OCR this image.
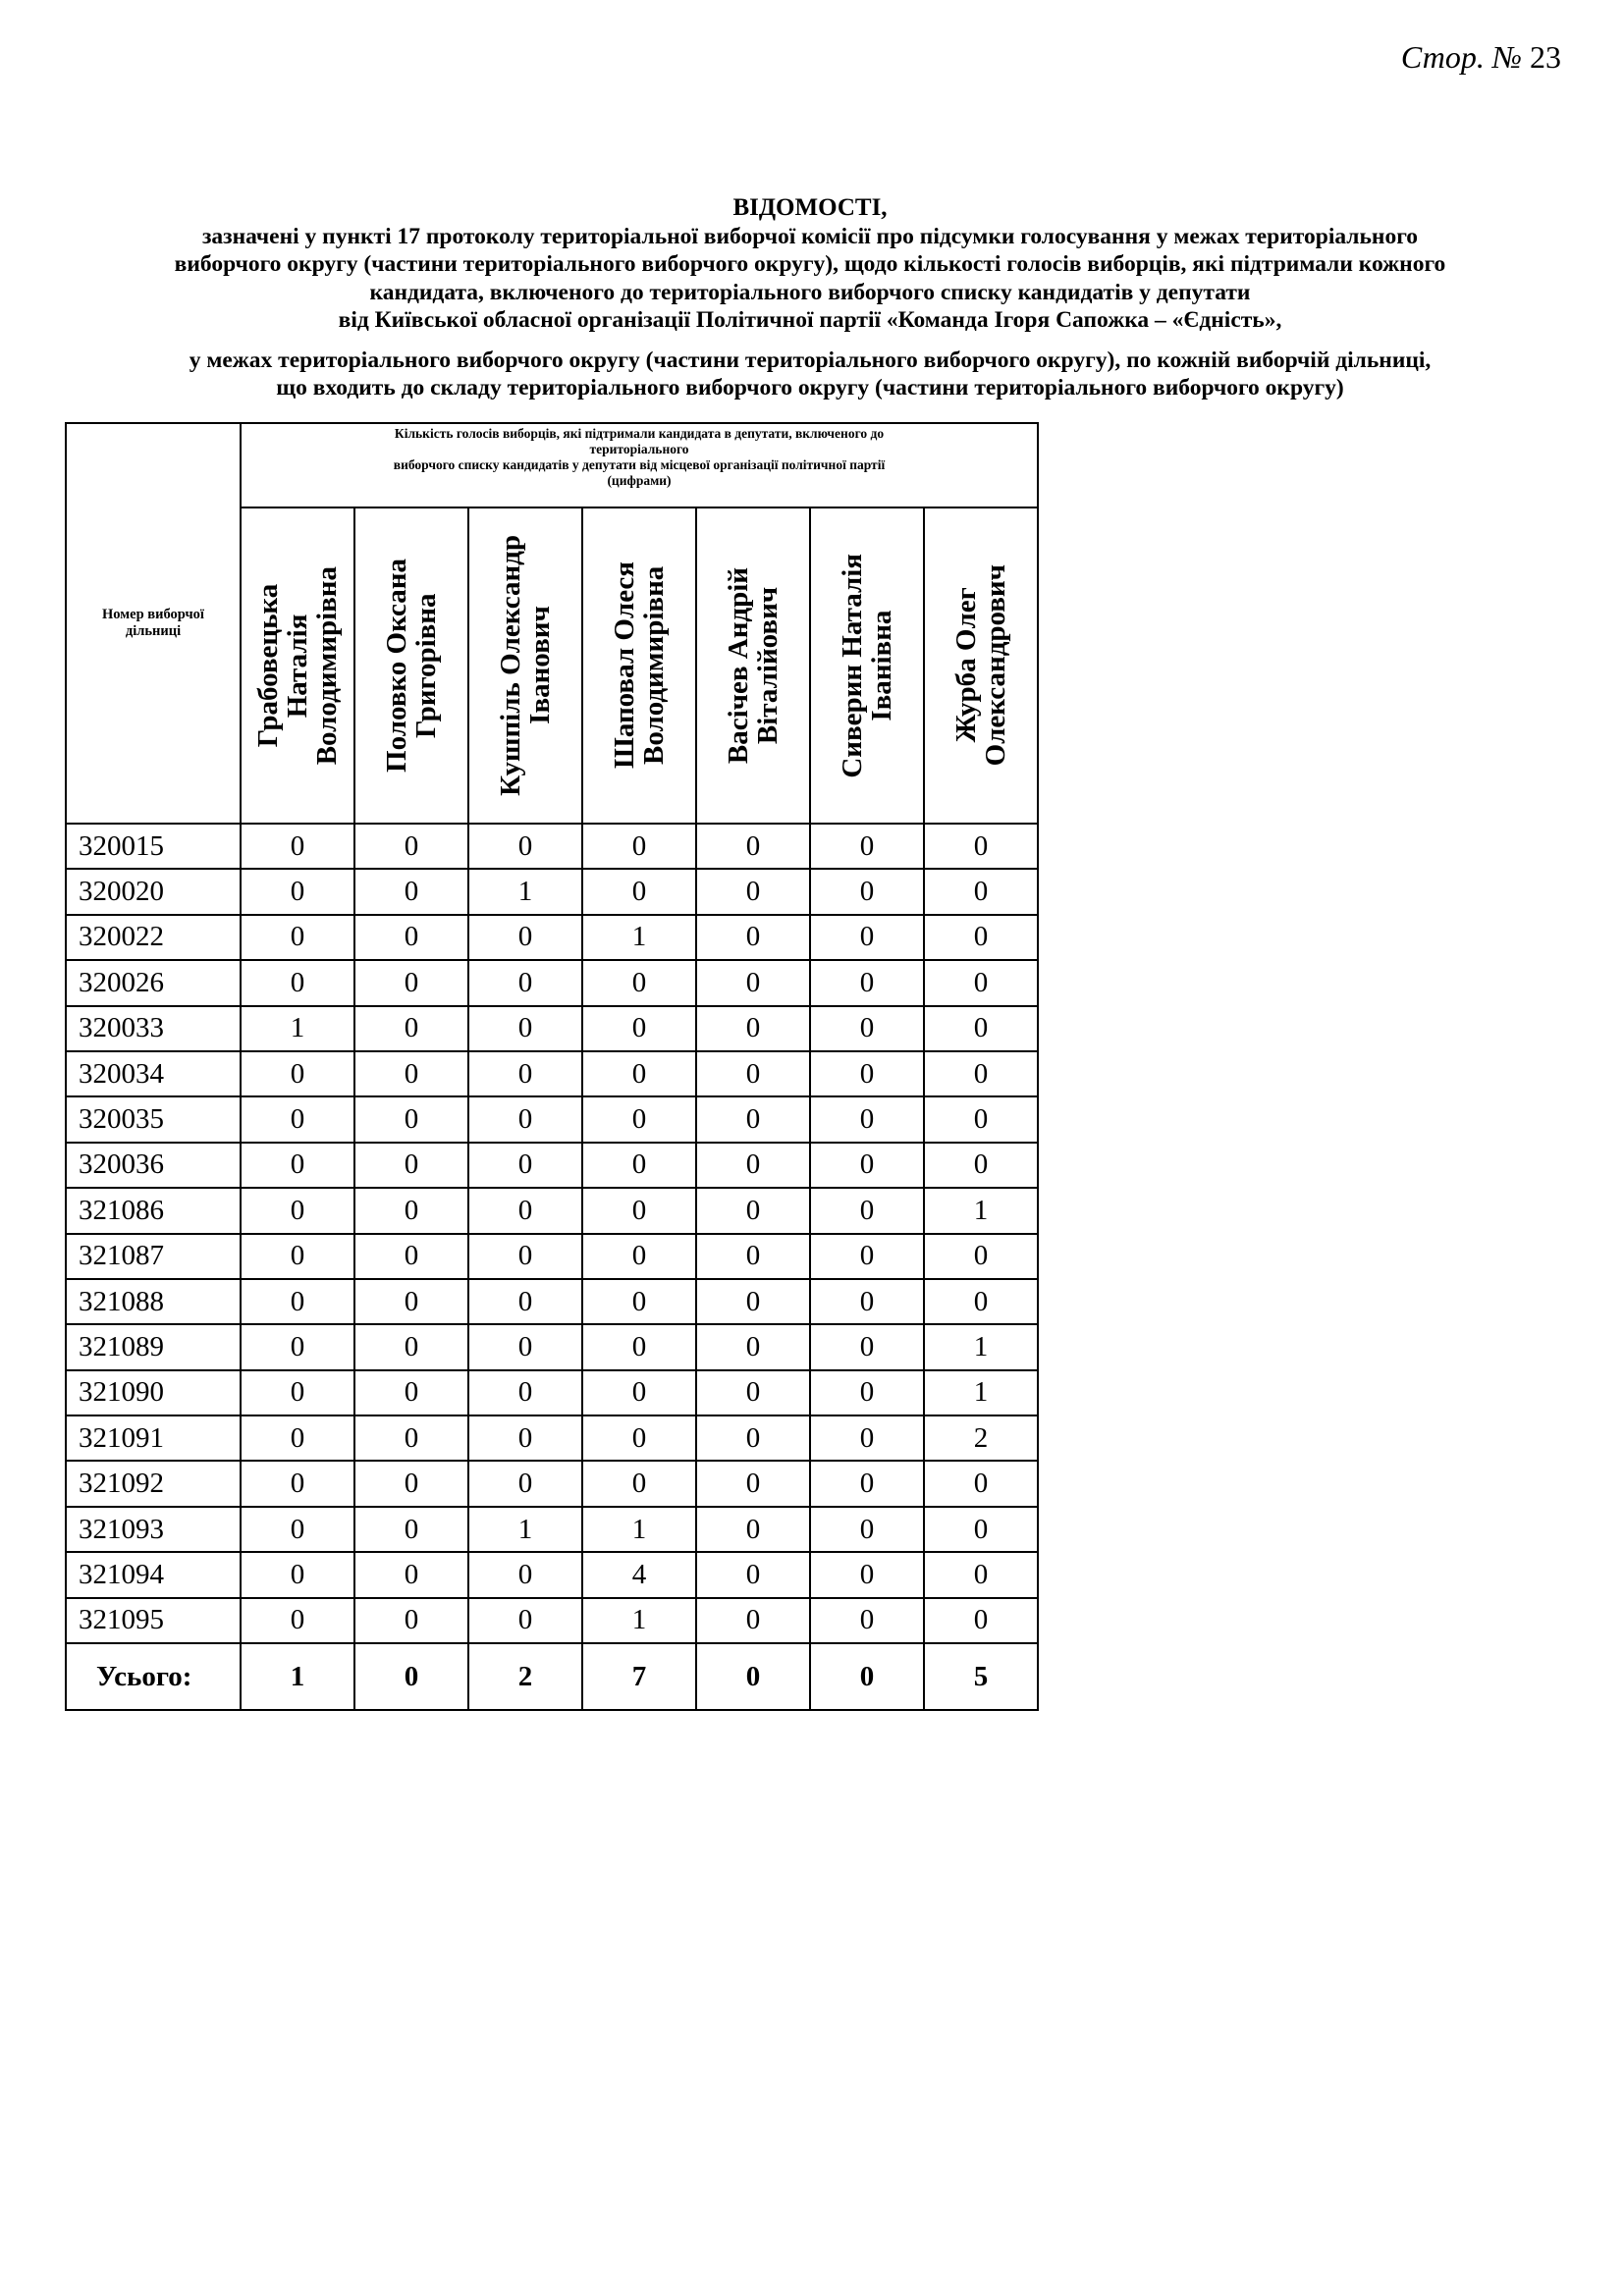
Стор. № 23
ВІДОМОСТІ,
зазначені у пункті 17 протоколу територіальної виборчої комісії про підсумки голосування у межах територіального
виборчого округу (частини територіального виборчого округу), щодо кількості голосів виборців, які підтримали кожного
кандидата, включеного до територіального виборчого списку кандидатів у депутати
від Київської обласної організації Політичної партії «Команда Ігоря Сапожка – «Єдність»,
у межах територіального виборчого округу (частини територіального виборчого округу), по кожній виборчій дільниці,
що входить до складу територіального виборчого округу (частини територіального виборчого округу)
Номер виборчої
дільниці	Кількість голосів виборців, які підтримали кандидата в депутати, включеного до
територіального
виборчого списку кандидатів у депутати від місцевої організації політичної партії
(цифрами)						

	Грабовецька
Наталія
Володимирівна	Половко Оксана
Григорівна	Кушпіль Олександр
Іванович	Шаповал Олеся
Володимирівна	Васічев Андрій
Віталійович	Сиверин Наталія
Іванівна	Журба Олег
Олександрович

320015	0	0	0	0	0	0	0
320020	0	0	1	0	0	0	0
320022	0	0	0	1	0	0	0
320026	0	0	0	0	0	0	0
320033	1	0	0	0	0	0	0
320034	0	0	0	0	0	0	0
320035	0	0	0	0	0	0	0
320036	0	0	0	0	0	0	0
321086	0	0	0	0	0	0	1
321087	0	0	0	0	0	0	0
321088	0	0	0	0	0	0	0
321089	0	0	0	0	0	0	1
321090	0	0	0	0	0	0	1
321091	0	0	0	0	0	0	2
321092	0	0	0	0	0	0	0
321093	0	0	1	1	0	0	0
321094	0	0	0	4	0	0	0
321095	0	0	0	1	0	0	0
Усього:	1	0	2	7	0	0	5
